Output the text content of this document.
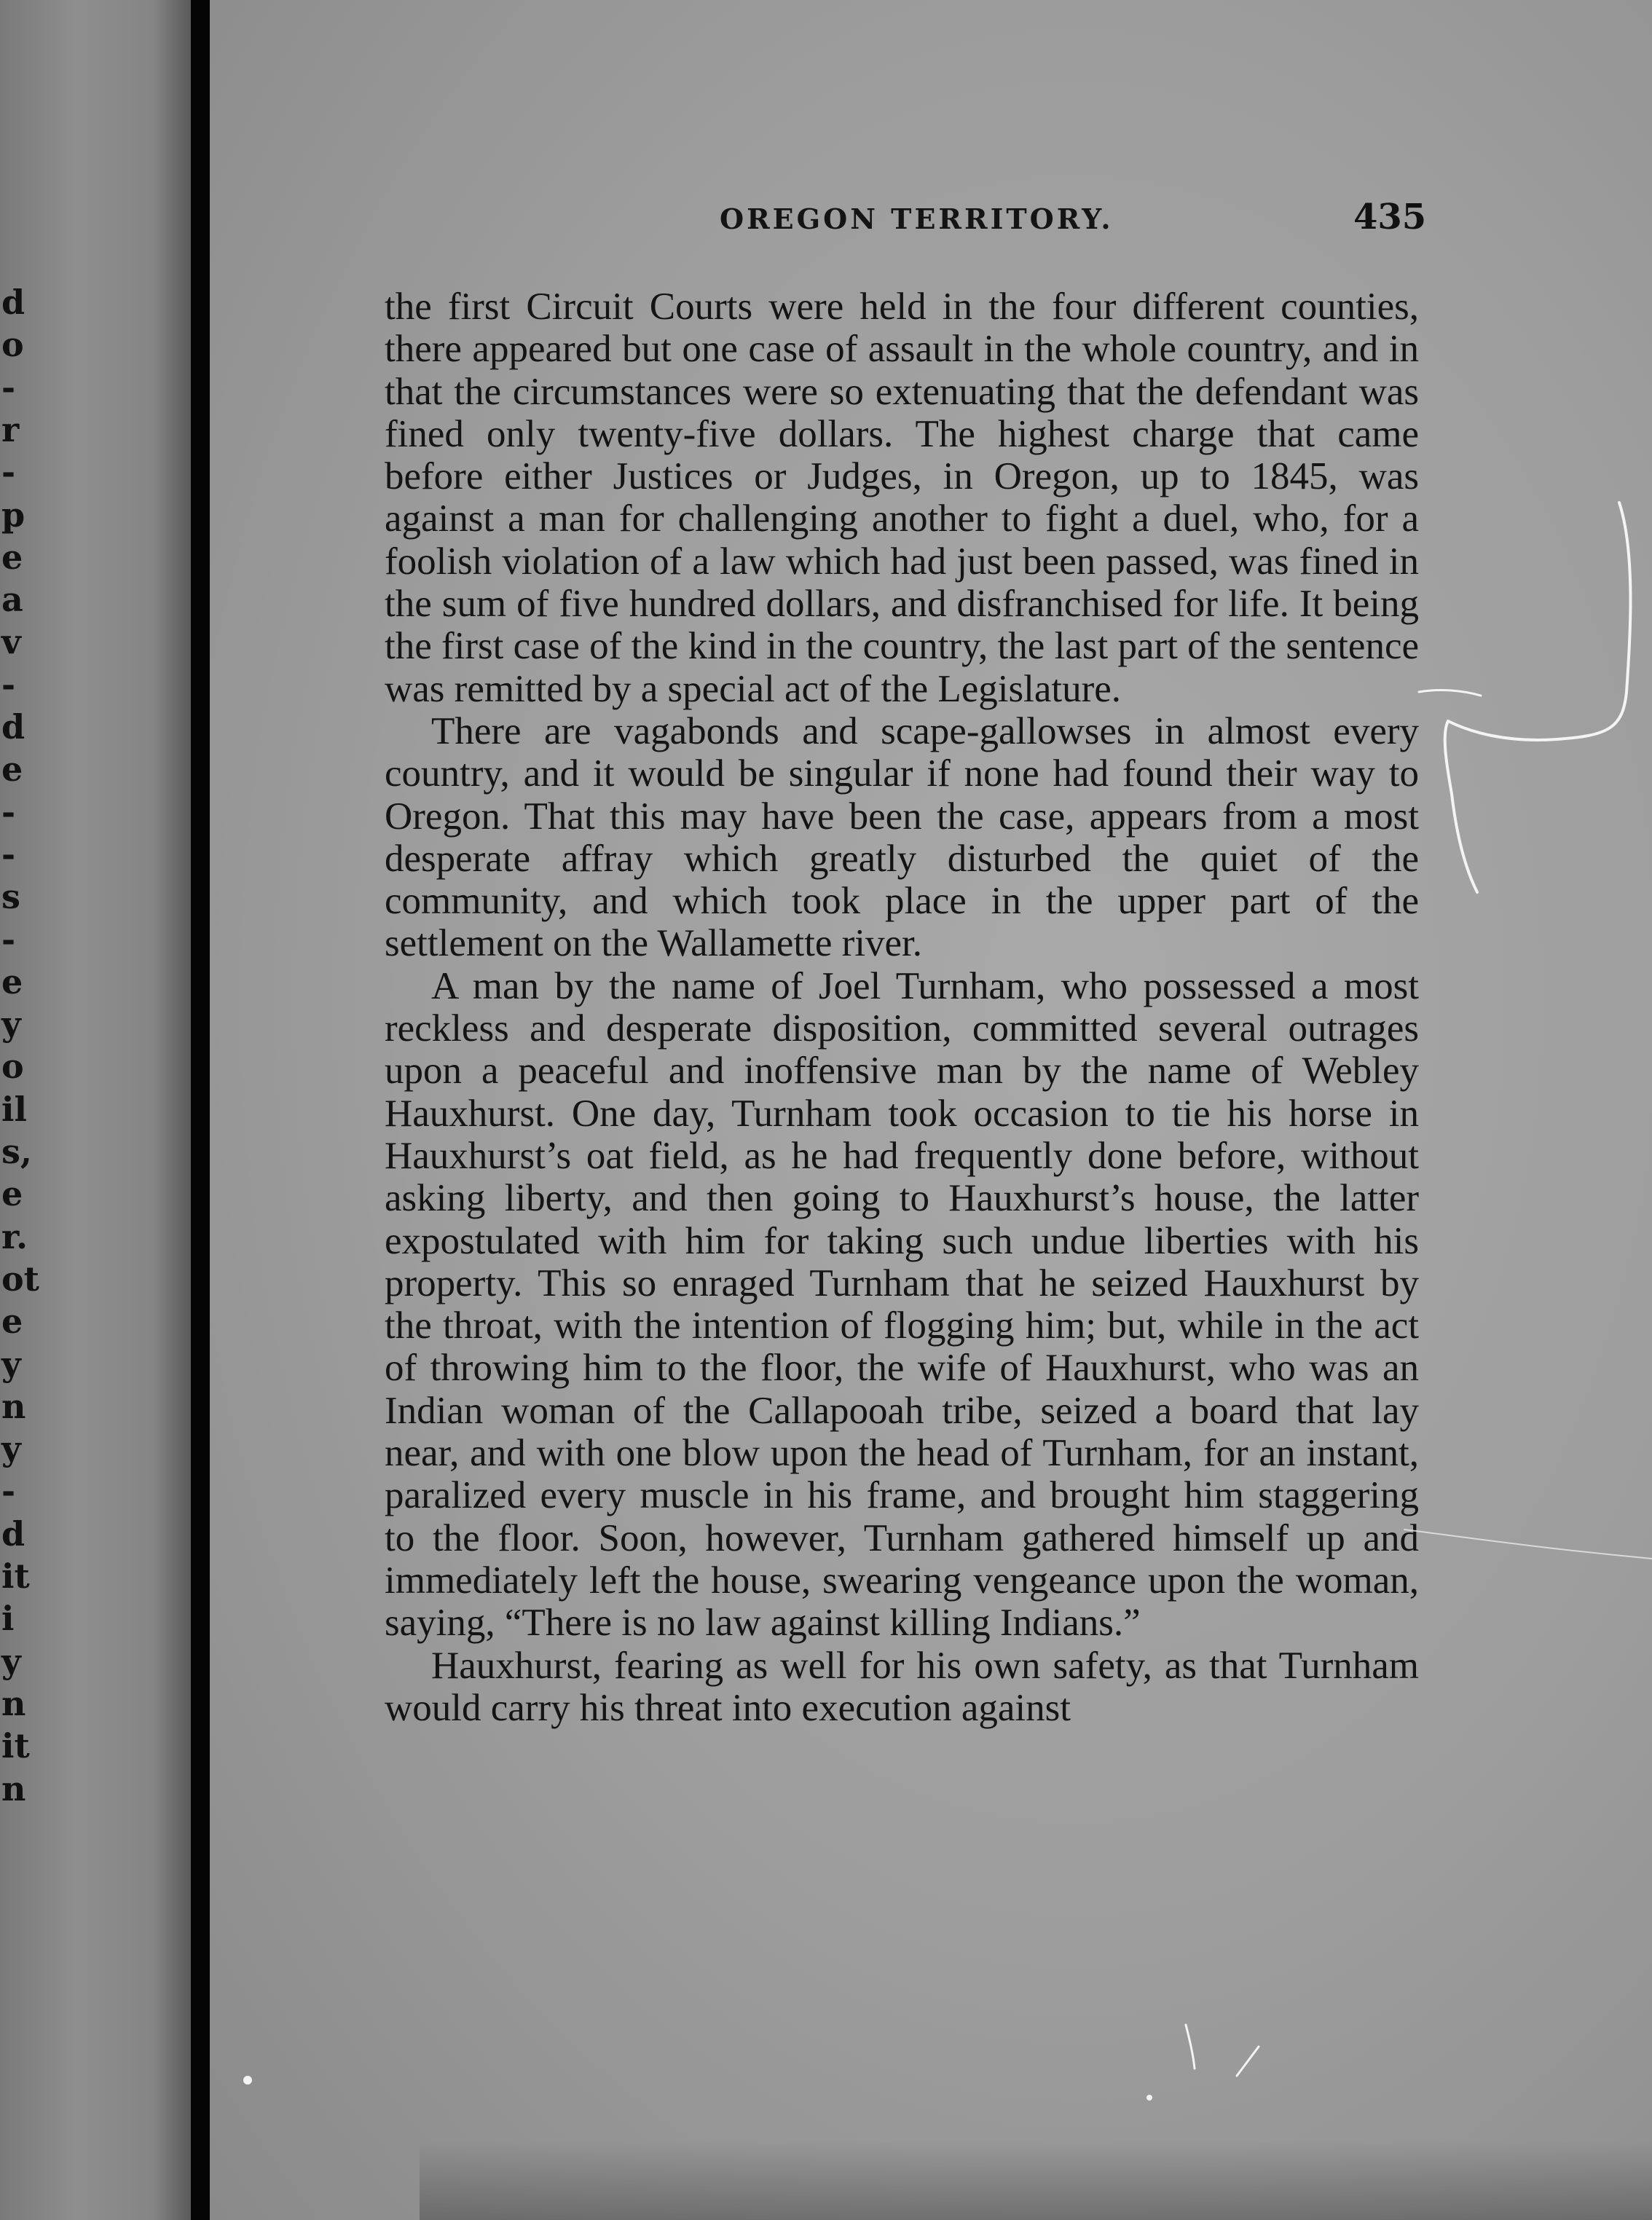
d
o
-
r
-
p
e
a
v
-
d
e
-
-
s
-
e
y
o
il
s,
e
r.
ot
e
y
n
y
-
d
it
i
y
n
it
n
OREGON TERRITORY.	435

the first Circuit Courts were held in the four different counties, there appeared but one case of assault in the whole country, and in that the circumstances were so extenuating that the defendant was fined only twenty-five dollars. The highest charge that came before either Justices or Judges, in Oregon, up to 1845, was against a man for challenging another to fight a duel, who, for a foolish violation of a law which had just been passed, was fined in the sum of five hundred dollars, and disfranchised for life. It being the first case of the kind in the country, the last part of the sentence was remitted by a special act of the Legislature.

There are vagabonds and scape-gallowses in almost every country, and it would be singular if none had found their way to Oregon. That this may have been the case, appears from a most desperate affray which greatly disturbed the quiet of the community, and which took place in the upper part of the settlement on the Wallamette river.

A man by the name of Joel Turnham, who possessed a most reckless and desperate disposition, committed several outrages upon a peaceful and inoffensive man by the name of Webley Hauxhurst. One day, Turnham took occasion to tie his horse in Hauxhurst’s oat field, as he had frequently done before, without asking liberty, and then going to Hauxhurst’s house, the latter expostulated with him for taking such undue liberties with his property. This so enraged Turnham that he seized Hauxhurst by the throat, with the intention of flogging him; but, while in the act of throwing him to the floor, the wife of Hauxhurst, who was an Indian woman of the Callapooah tribe, seized a board that lay near, and with one blow upon the head of Turnham, for an instant, paralized every muscle in his frame, and brought him staggering to the floor. Soon, however, Turnham gathered himself up and immediately left the house, swearing vengeance upon the woman, saying, “There is no law against killing Indians.”

Hauxhurst, fearing as well for his own safety, as that Turnham would carry his threat into execution against
